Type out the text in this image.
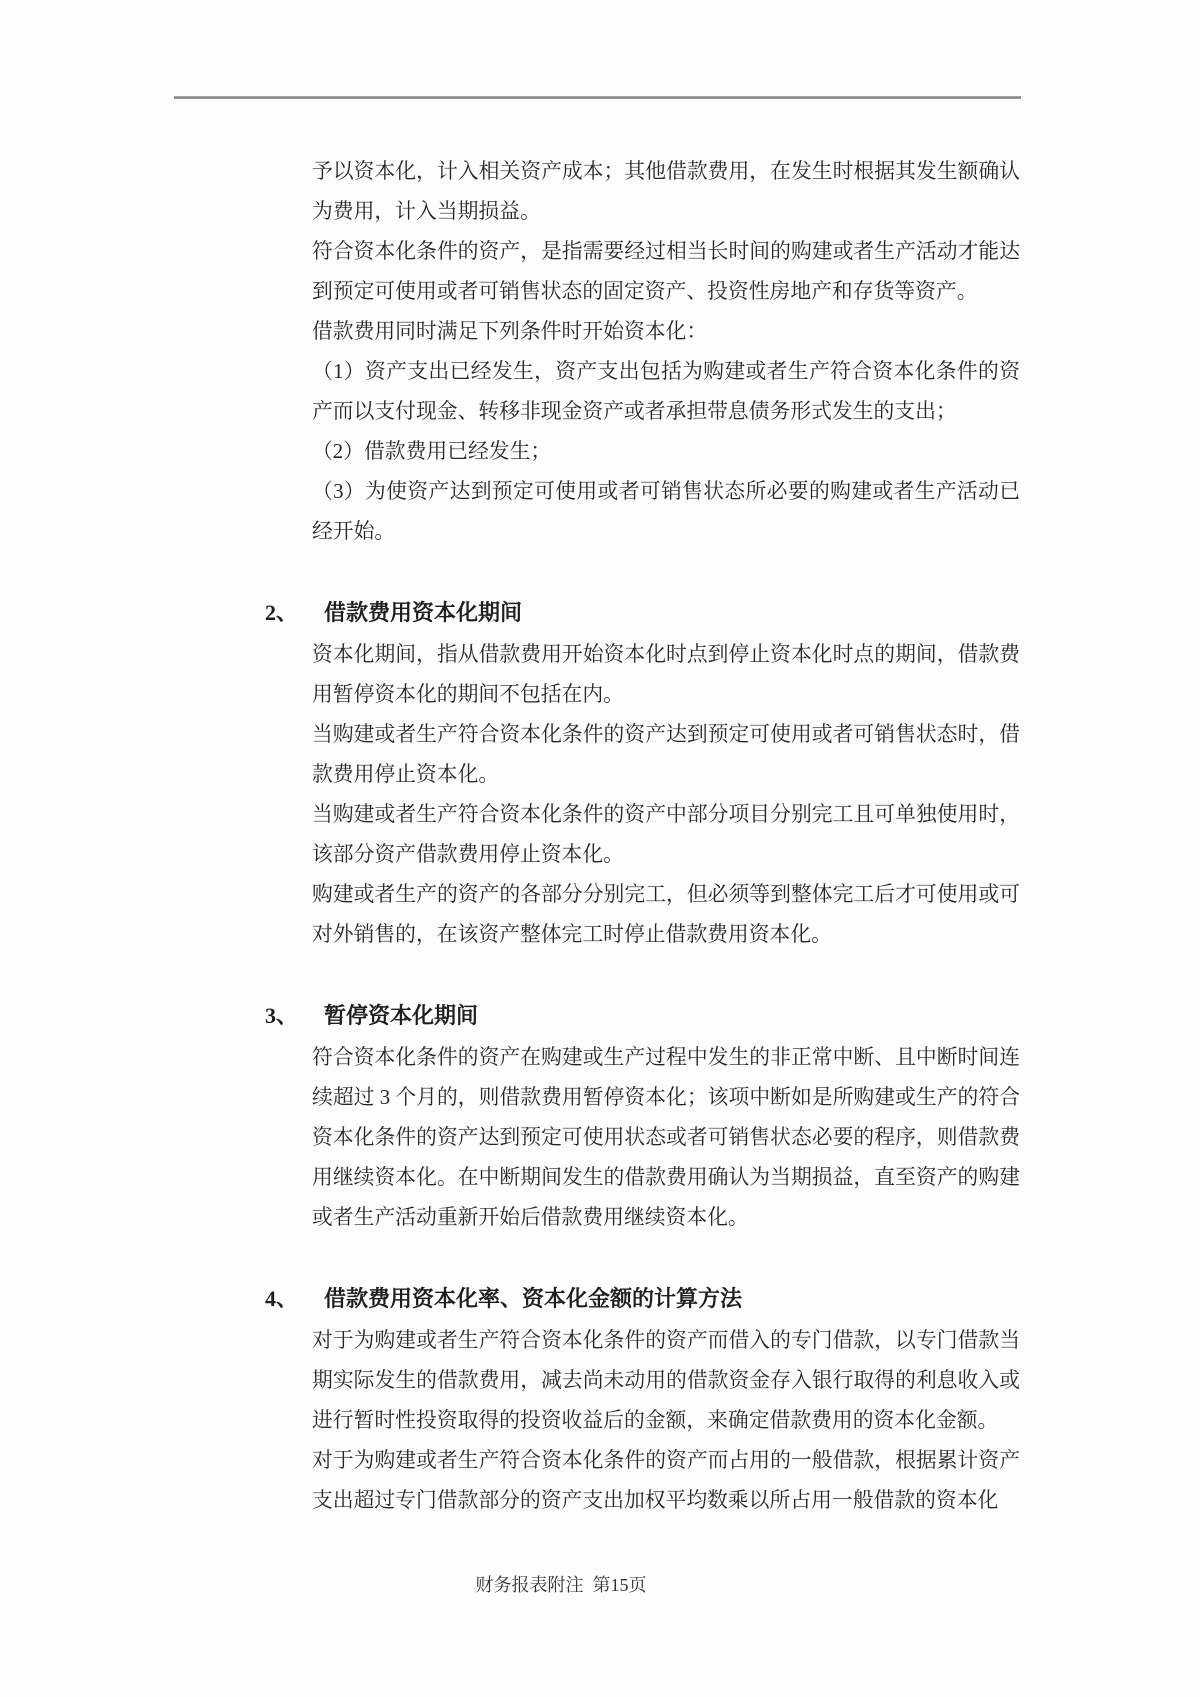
予以资本化，计入相关资产成本；其他借款费用，在发生时根据其发生额确认为费用，计入当期损益。

符合资本化条件的资产，是指需要经过相当长时间的购建或者生产活动才能达到预定可使用或者可销售状态的固定资产、投资性房地产和存货等资产。

借款费用同时满足下列条件时开始资本化：

（1）资产支出已经发生，资产支出包括为购建或者生产符合资本化条件的资产而以支付现金、转移非现金资产或者承担带息债务形式发生的支出；

（2）借款费用已经发生；

（3）为使资产达到预定可使用或者可销售状态所必要的购建或者生产活动已经开始。

2、	借款费用资本化期间

资本化期间，指从借款费用开始资本化时点到停止资本化时点的期间，借款费用暂停资本化的期间不包括在内。

当购建或者生产符合资本化条件的资产达到预定可使用或者可销售状态时，借款费用停止资本化。

当购建或者生产符合资本化条件的资产中部分项目分别完工且可单独使用时，该部分资产借款费用停止资本化。

购建或者生产的资产的各部分分别完工，但必须等到整体完工后才可使用或可对外销售的，在该资产整体完工时停止借款费用资本化。

3、	暂停资本化期间

符合资本化条件的资产在购建或生产过程中发生的非正常中断、且中断时间连续超过 3 个月的，则借款费用暂停资本化；该项中断如是所购建或生产的符合资本化条件的资产达到预定可使用状态或者可销售状态必要的程序，则借款费用继续资本化。在中断期间发生的借款费用确认为当期损益，直至资产的购建或者生产活动重新开始后借款费用继续资本化。

4、	借款费用资本化率、资本化金额的计算方法

对于为购建或者生产符合资本化条件的资产而借入的专门借款，以专门借款当期实际发生的借款费用，减去尚未动用的借款资金存入银行取得的利息收入或进行暂时性投资取得的投资收益后的金额，来确定借款费用的资本化金额。

对于为购建或者生产符合资本化条件的资产而占用的一般借款，根据累计资产支出超过专门借款部分的资产支出加权平均数乘以所占用一般借款的资本化

财务报表附注 第15页
